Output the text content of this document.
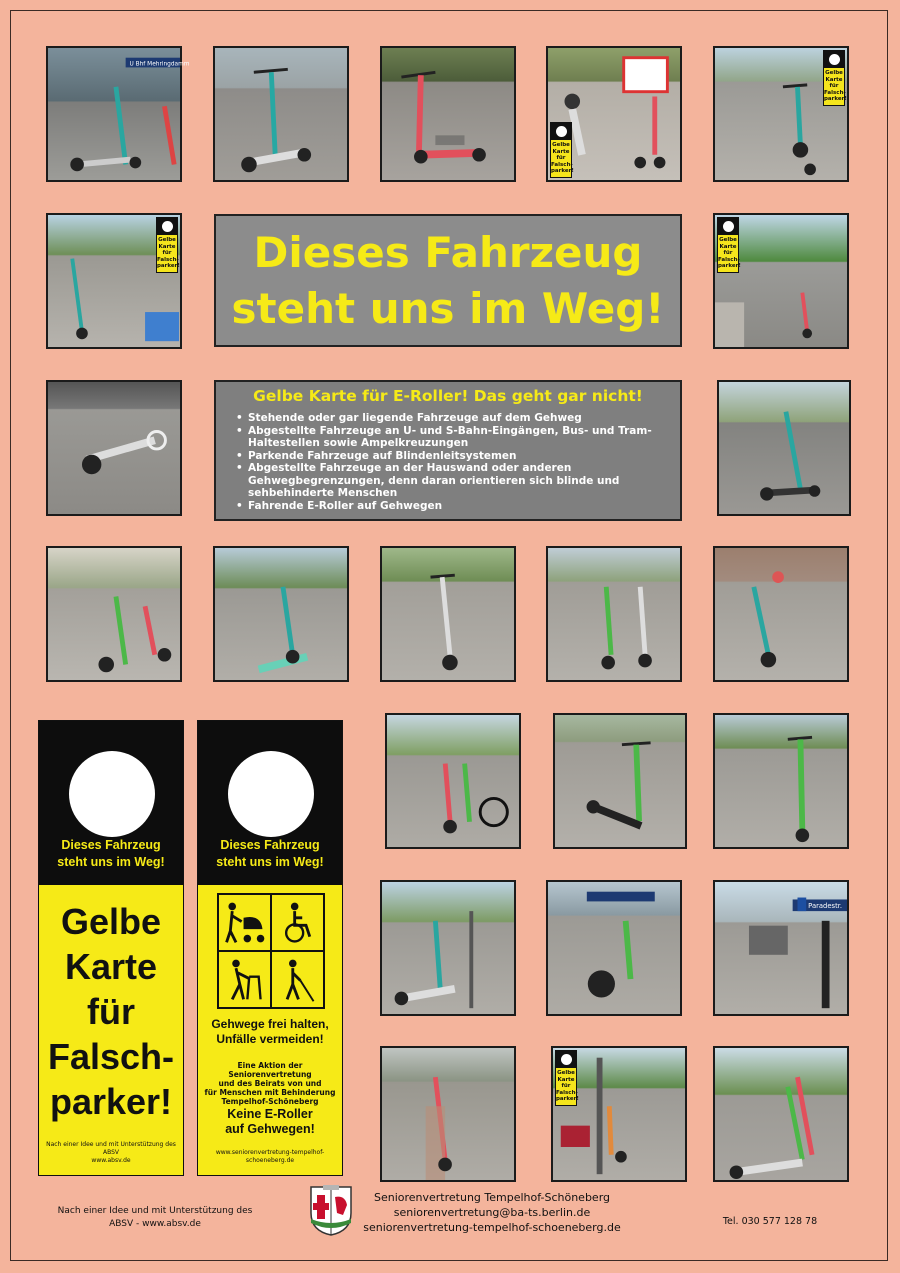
U Bhf Mehringdamm
Gelbe
Karte
für
Falsch-
parker!
Gelbe
Karte
für
Falsch-
parker!
Gelbe
Karte
für
Falsch-
parker!	Dieses Fahrzeug
steht uns im Weg!
Gelbe
Karte
für
Falsch-
parker!
Gelbe Karte für E-Roller! Das geht gar nicht!
• Stehende oder gar liegende Fahrzeuge auf dem Gehweg
• Abgestellte Fahrzeuge an U- und S-Bahn-Eingängen, Bus- und Tram-Haltestellen sowie Ampelkreuzungen
• Parkende Fahrzeuge auf Blindenleitsystemen
• Abgestellte Fahrzeuge an der Hauswand oder anderen Gehwegbegrenzungen, denn daran orientieren sich blinde und sehbehinderte Menschen
• Fahrende E-Roller auf Gehwegen
Dieses Fahrzeug
steht uns im Weg!
Gelbe
Karte
für
Falsch-
parker!
Nach einer Idee und mit Unterstützung des ABSV
www.absv.de
Dieses Fahrzeug
steht uns im Weg!
Gehwege frei halten,
Unfälle vermeiden!
Eine Aktion der
Seniorenvertretung
und des Beirats von und
für Menschen mit Behinderung
Tempelhof-Schöneberg
Keine E-Roller
auf Gehwegen!
www.seniorenvertretung-tempelhof-schoeneberg.de
Paradestr.
Gelbe
Karte
für
Falsch-
parker!
Nach einer Idee und mit Unterstützung des
ABSV - www.absv.de
Seniorenvertretung Tempelhof-Schöneberg
seniorenvertretung@ba-ts.berlin.de
seniorenvertretung-tempelhof-schoeneberg.de	Tel. 030 577 128 78
